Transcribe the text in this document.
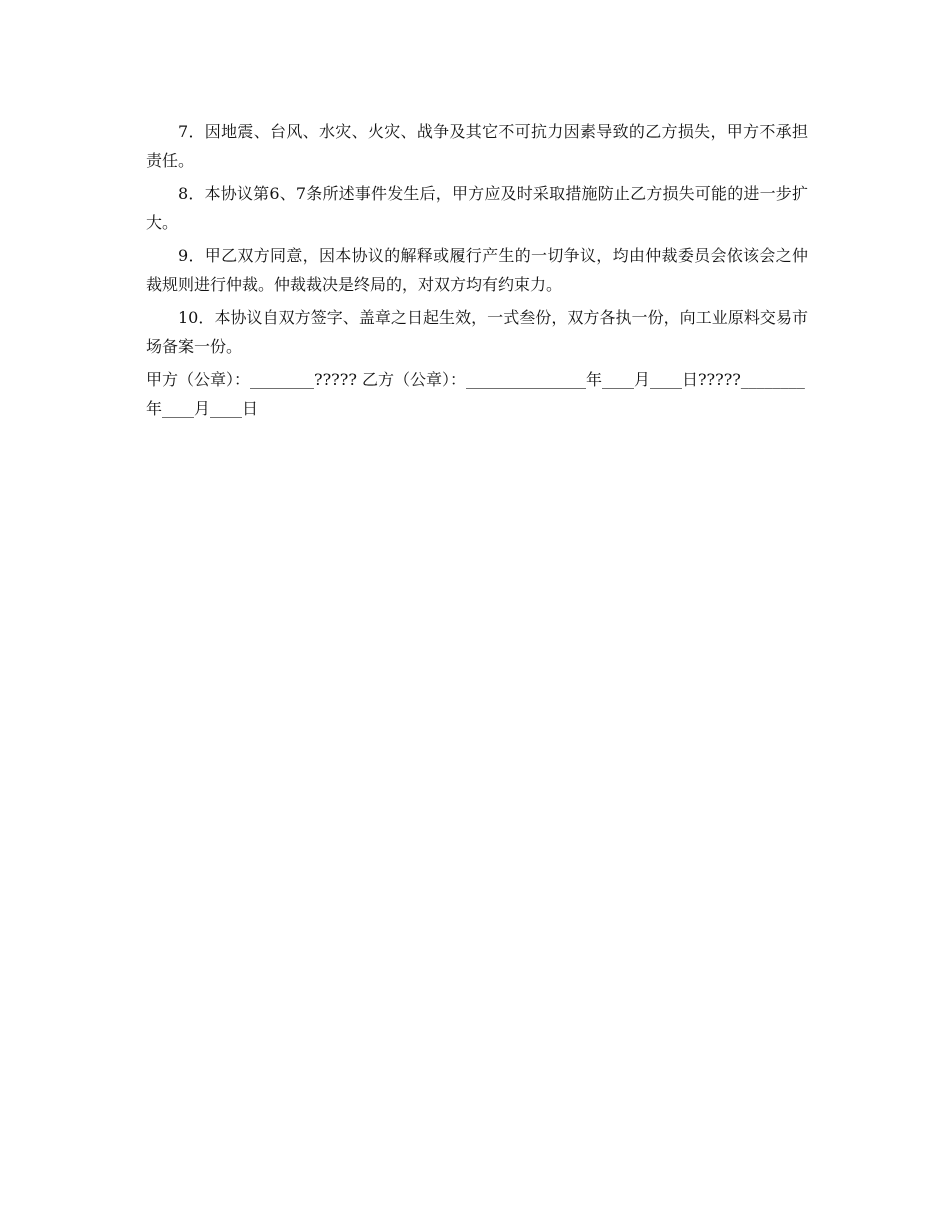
7．因地震、台风、水灾、火灾、战争及其它不可抗力因素导致的乙方损失，甲方不承担责任。

8．本协议第6、7条所述事件发生后，甲方应及时采取措施防止乙方损失可能的进一步扩大。

9．甲乙双方同意，因本协议的解释或履行产生的一切争议，均由仲裁委员会依该会之仲裁规则进行仲裁。仲裁裁决是终局的，对双方均有约束力。

10．本协议自双方签字、盖章之日起生效，一式叁份，双方各执一份，向工业原料交易市场备案一份。

甲方（公章）：________????? 乙方（公章）：_______________年____月____日?????________年____月____日
